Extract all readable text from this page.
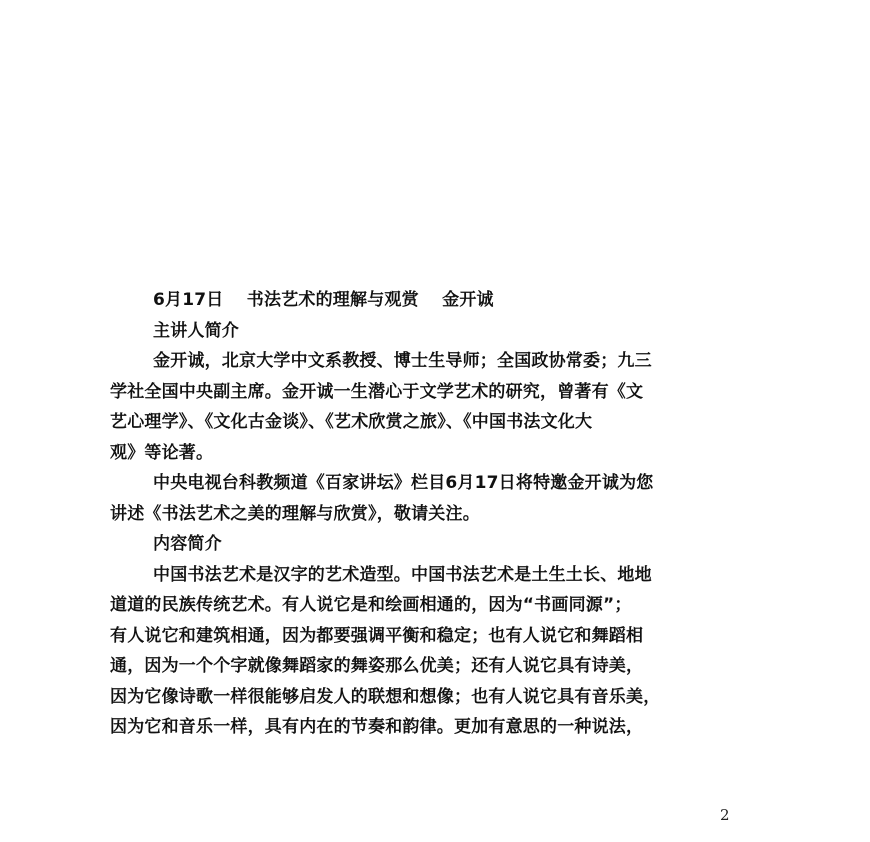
6月17日　 书法艺术的理解与观赏　 金开诚
主讲人简介
金开诚，北京大学中文系教授、博士生导师；全国政协常委；九三
学社全国中央副主席。金开诚一生潜心于文学艺术的研究，曾著有《文
艺心理学》、《文化古金谈》、《艺术欣赏之旅》、《中国书法文化大
观》等论著。
中央电视台科教频道《百家讲坛》栏目6月17日将特邀金开诚为您
讲述《书法艺术之美的理解与欣赏》，敬请关注。
内容简介
中国书法艺术是汉字的艺术造型。中国书法艺术是土生土长、地地
道道的民族传统艺术。有人说它是和绘画相通的，因为“书画同源”；
有人说它和建筑相通，因为都要强调平衡和稳定；也有人说它和舞蹈相
通，因为一个个字就像舞蹈家的舞姿那么优美；还有人说它具有诗美，
因为它像诗歌一样很能够启发人的联想和想像；也有人说它具有音乐美，
因为它和音乐一样，具有内在的节奏和韵律。更加有意思的一种说法，
2
